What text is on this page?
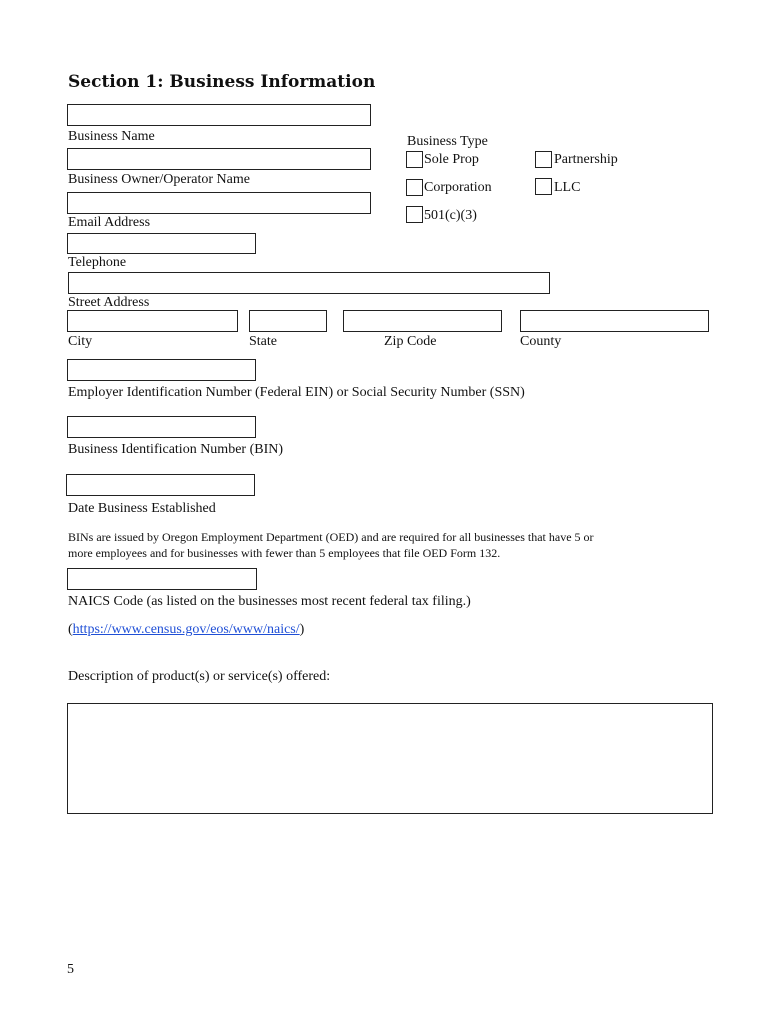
Section 1: Business Information
Business Name
Business Owner/Operator Name
Email Address
Telephone
Business Type
Sole Prop	Partnership
Corporation	LLC
501(c)(3)
Street Address
City	State	Zip Code	County
Employer Identification Number (Federal EIN) or Social Security Number (SSN)
Business Identification Number (BIN)
Date Business Established
BINs are issued by Oregon Employment Department (OED) and are required for all businesses that have 5 or
more employees and for businesses with fewer than 5 employees that file OED Form 132.
NAICS Code (as listed on the businesses most recent federal tax filing.)
(https://www.census.gov/eos/www/naics/)
Description of product(s) or service(s) offered:
5
